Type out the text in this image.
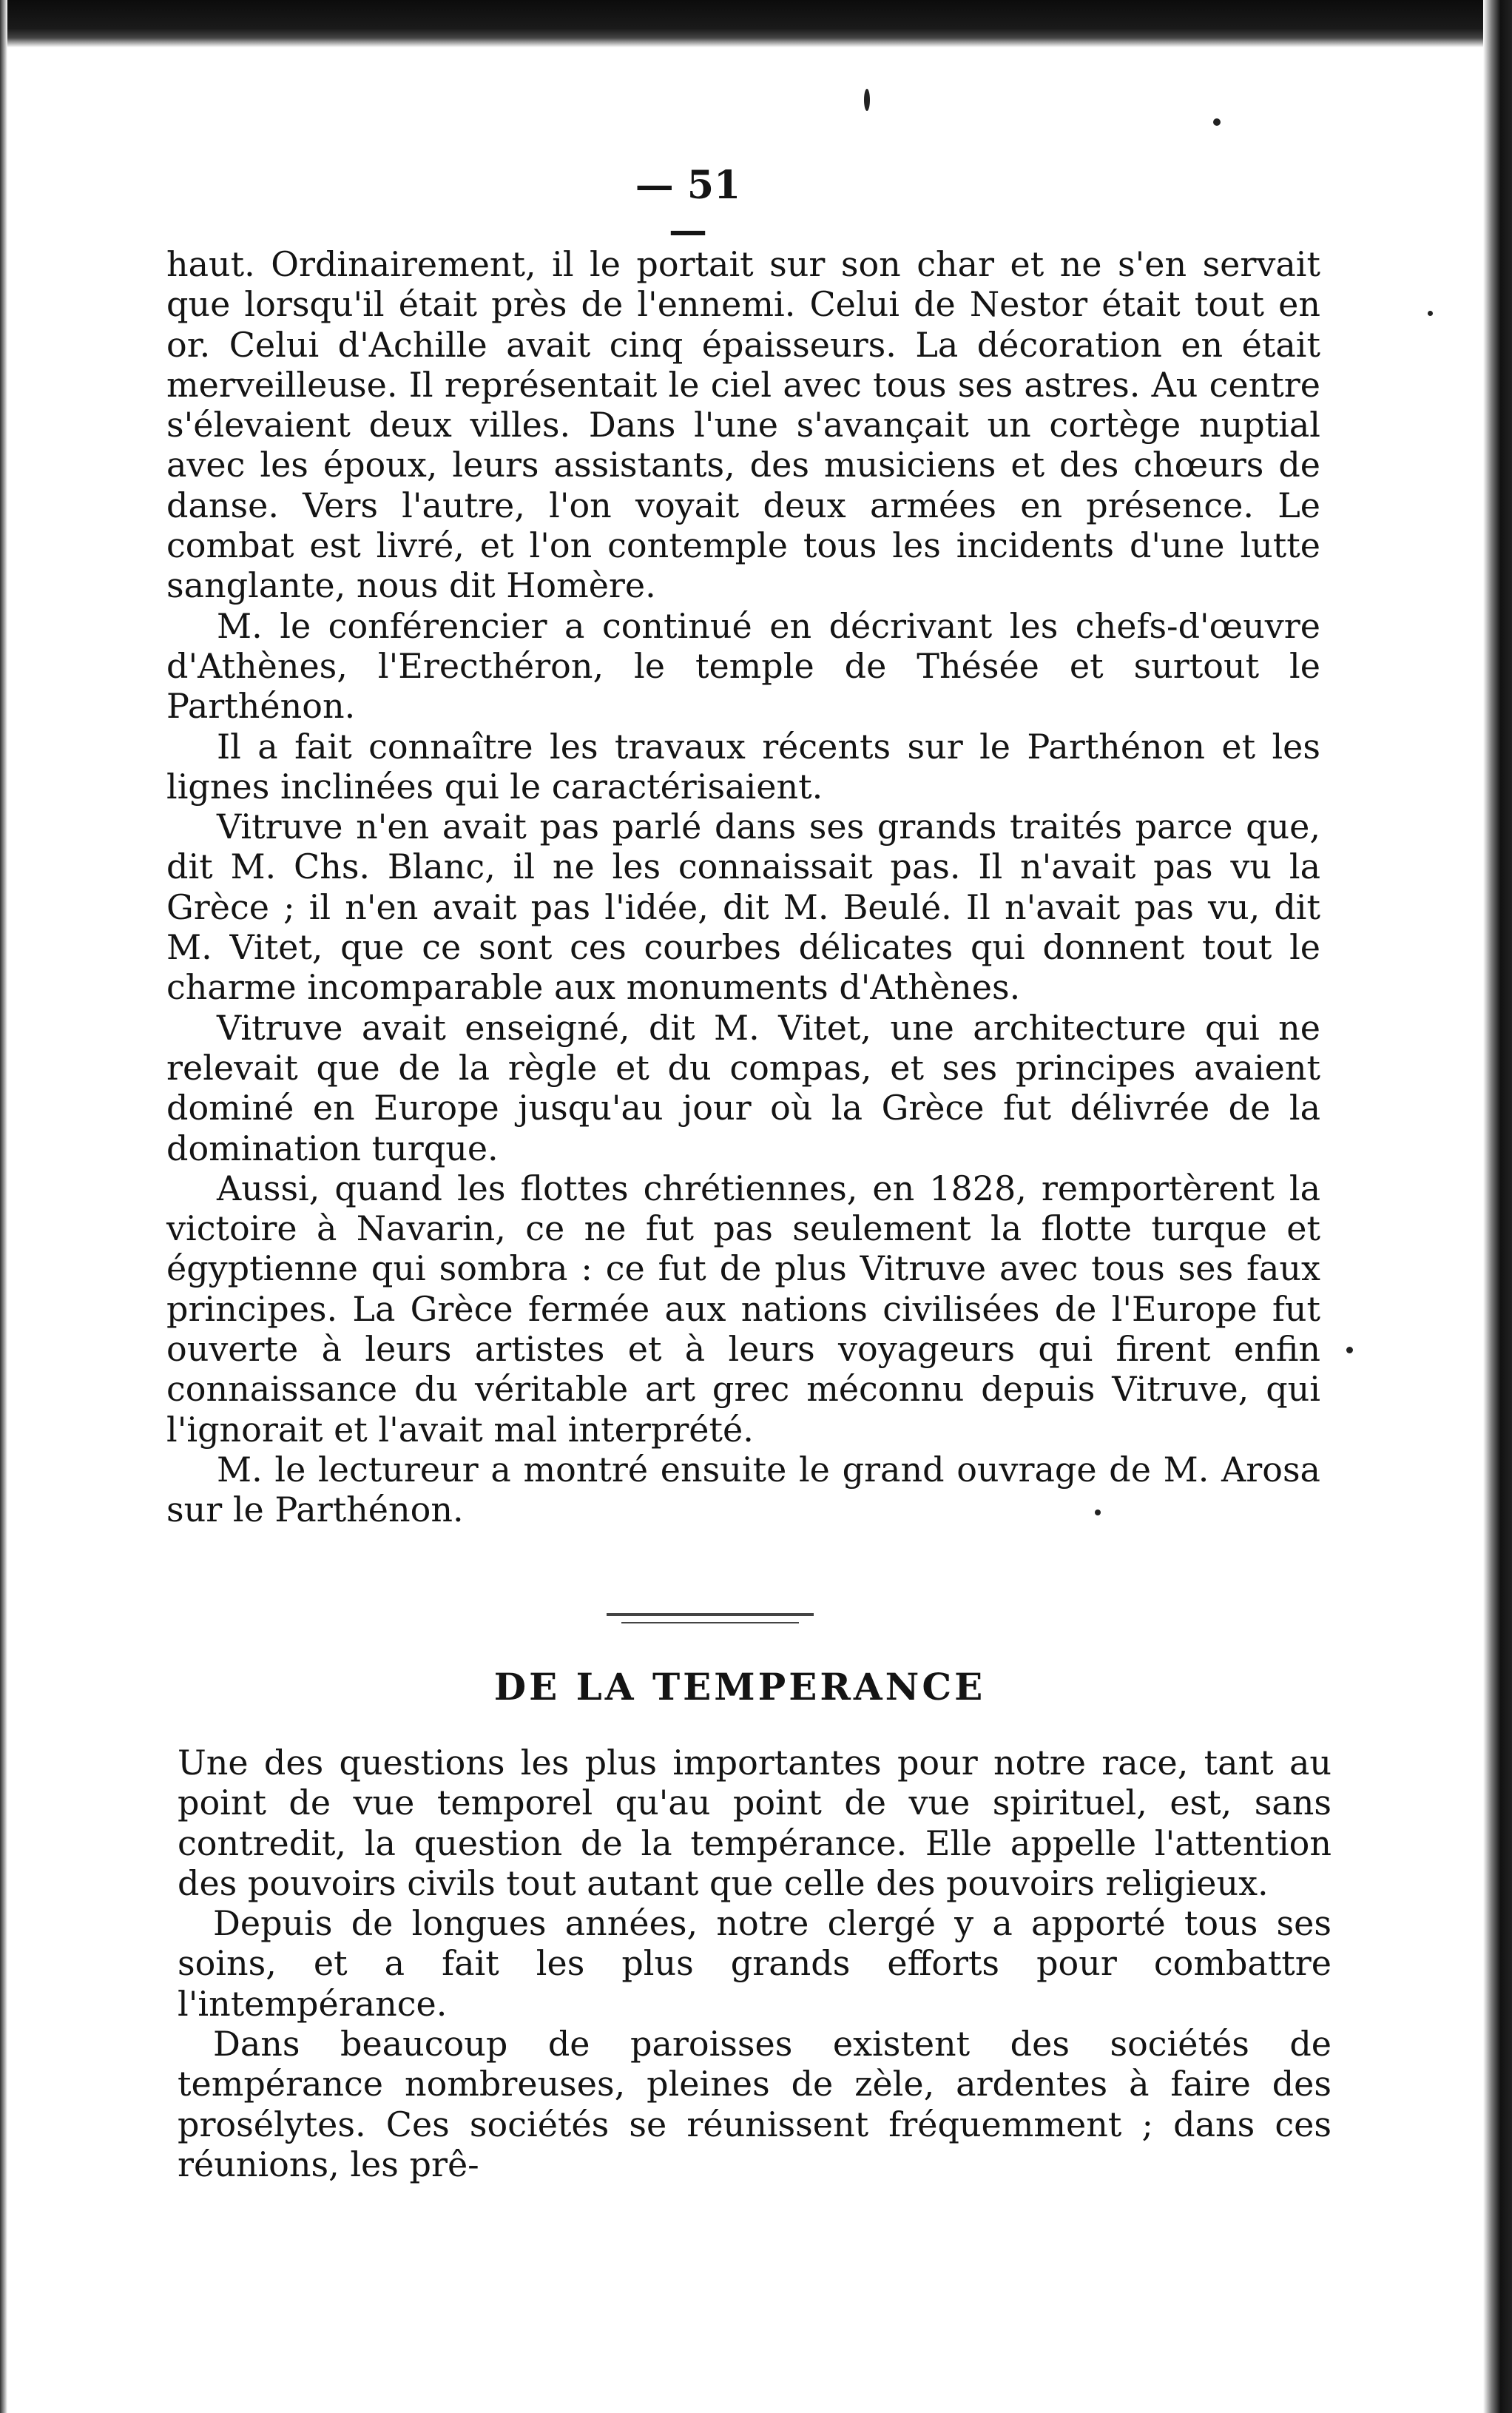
— 51 —

haut. Ordinairement, il le portait sur son char et ne s'en servait que lorsqu'il était près de l'ennemi. Celui de Nestor était tout en or. Celui d'Achille avait cinq épaisseurs. La décoration en était merveilleuse. Il représentait le ciel avec tous ses astres. Au centre s'élevaient deux villes. Dans l'une s'avançait un cortège nuptial avec les époux, leurs assistants, des musiciens et des chœurs de danse. Vers l'autre, l'on voyait deux armées en présence. Le combat est livré, et l'on contemple tous les incidents d'une lutte sanglante, nous dit Homère.

M. le conférencier a continué en décrivant les chefs-d'œuvre d'Athènes, l'Erecthéron, le temple de Thésée et surtout le Parthénon.

Il a fait connaître les travaux récents sur le Parthénon et les lignes inclinées qui le caractérisaient.

Vitruve n'en avait pas parlé dans ses grands traités parce que, dit M. Chs. Blanc, il ne les connaissait pas. Il n'avait pas vu la Grèce ; il n'en avait pas l'idée, dit M. Beulé. Il n'avait pas vu, dit M. Vitet, que ce sont ces courbes délicates qui donnent tout le charme incomparable aux monuments d'Athènes.

Vitruve avait enseigné, dit M. Vitet, une architecture qui ne relevait que de la règle et du compas, et ses principes avaient dominé en Europe jusqu'au jour où la Grèce fut délivrée de la domination turque.

Aussi, quand les flottes chrétiennes, en 1828, remportèrent la victoire à Navarin, ce ne fut pas seulement la flotte turque et égyptienne qui sombra : ce fut de plus Vitruve avec tous ses faux principes. La Grèce fermée aux nations civilisées de l'Europe fut ouverte à leurs artistes et à leurs voyageurs qui firent enfin connaissance du véritable art grec méconnu depuis Vitruve, qui l'ignorait et l'avait mal interprété.

M. le lectureur a montré ensuite le grand ouvrage de M. Arosa sur le Parthénon.

DE LA TEMPERANCE

Une des questions les plus importantes pour notre race, tant au point de vue temporel qu'au point de vue spirituel, est, sans contredit, la question de la tempérance. Elle appelle l'attention des pouvoirs civils tout autant que celle des pouvoirs religieux.

Depuis de longues années, notre clergé y a apporté tous ses soins, et a fait les plus grands efforts pour combattre l'intempérance.

Dans beaucoup de paroisses existent des sociétés de tempérance nombreuses, pleines de zèle, ardentes à faire des prosélytes. Ces sociétés se réunissent fréquemment ; dans ces réunions, les prê-
